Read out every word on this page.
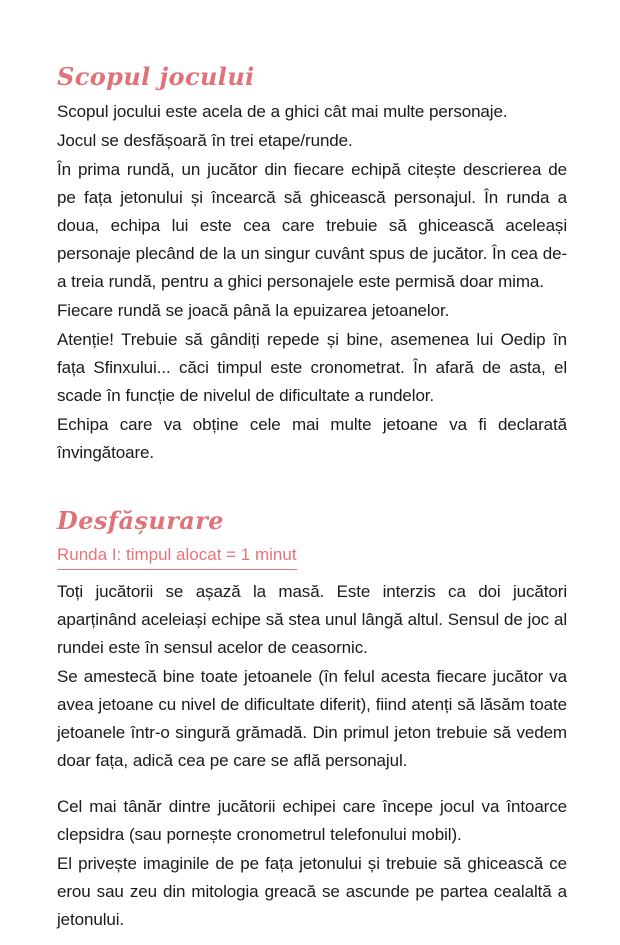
Scopul jocului

Scopul jocului este acela de a ghici cât mai multe personaje.

Jocul se desfășoară în trei etape/runde.

În prima rundă, un jucător din fiecare echipă citește descrierea de pe fața jetonului și încearcă să ghicească personajul. În runda a doua, echipa lui este cea care trebuie să ghicească aceleași personaje plecând de la un singur cuvânt spus de jucător. În cea de-a treia rundă, pentru a ghici personajele este permisă doar mima.

Fiecare rundă se joacă până la epuizarea jetoanelor.

Atenție! Trebuie să gândiți repede și bine, asemenea lui Oedip în fața Sfinxului... căci timpul este cronometrat. În afară de asta, el scade în funcție de nivelul de dificultate a rundelor.

Echipa care va obține cele mai multe jetoane va fi declarată învingătoare.

Desfășurare
Runda I: timpul alocat = 1 minut

Toți jucătorii se așază la masă. Este interzis ca doi jucători aparținând aceleiași echipe să stea unul lângă altul. Sensul de joc al rundei este în sensul acelor de ceasornic.

Se amestecă bine toate jetoanele (în felul acesta fiecare jucător va avea jetoane cu nivel de dificultate diferit), fiind atenți să lăsăm toate jetoanele într-o singură grămadă. Din primul jeton trebuie să vedem doar fața, adică cea pe care se află personajul.

Cel mai tânăr dintre jucătorii echipei care începe jocul va întoarce clepsidra (sau pornește cronometrul telefonului mobil).

El privește imaginile de pe fața jetonului și trebuie să ghicească ce erou sau zeu din mitologia greacă se ascunde pe partea cealaltă a jetonului.
